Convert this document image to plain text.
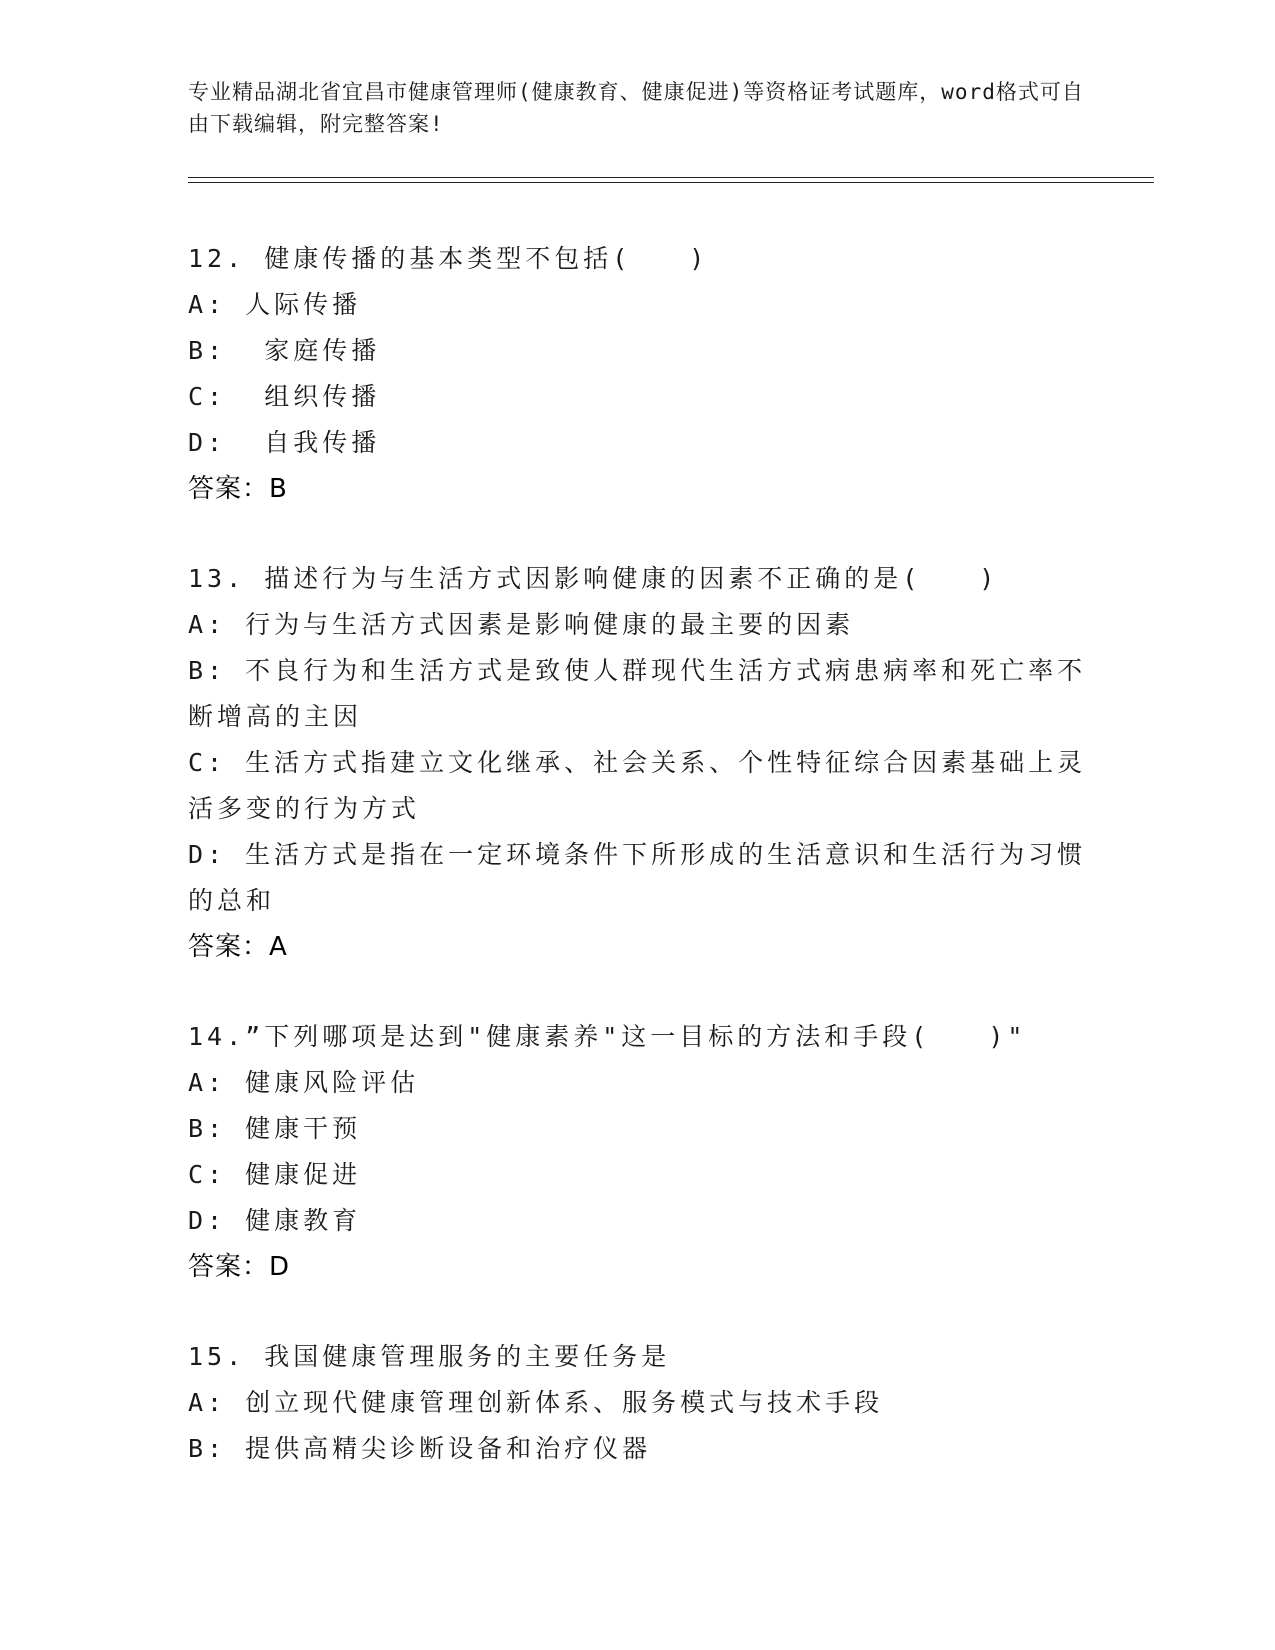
专业精品湖北省宜昌市健康管理师(健康教育、健康促进)等资格证考试题库，word格式可自由下载编辑，附完整答案!
12. 健康传播的基本类型不包括(　　)
A: 人际传播
B:  家庭传播
C:  组织传播
D:  自我传播
答案：B
13. 描述行为与生活方式因影响健康的因素不正确的是(　　)
A: 行为与生活方式因素是影响健康的最主要的因素
B: 不良行为和生活方式是致使人群现代生活方式病患病率和死亡率不断增高的主因
C: 生活方式指建立文化继承、社会关系、个性特征综合因素基础上灵活多变的行为方式
D: 生活方式是指在一定环境条件下所形成的生活意识和生活行为习惯的总和
答案：A
14.”下列哪项是达到"健康素养"这一目标的方法和手段(　　)"
A: 健康风险评估
B: 健康干预
C: 健康促进
D: 健康教育
答案：D
15. 我国健康管理服务的主要任务是
A: 创立现代健康管理创新体系、服务模式与技术手段
B: 提供高精尖诊断设备和治疗仪器
